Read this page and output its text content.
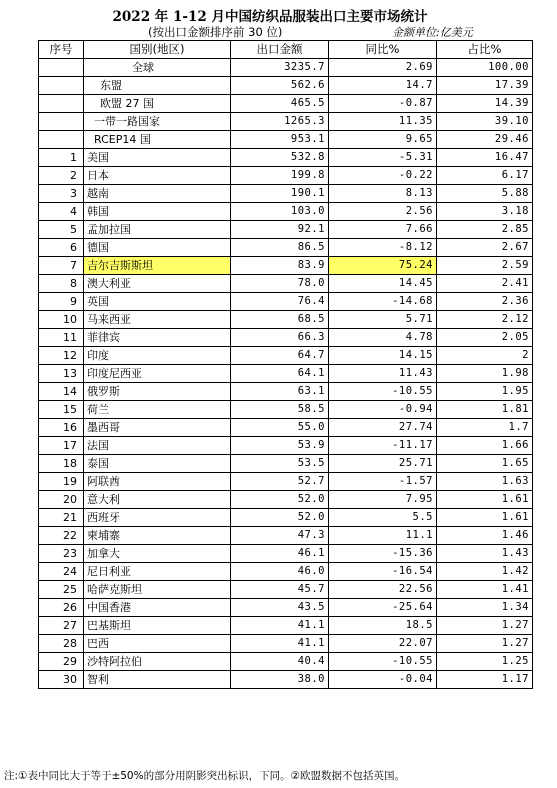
2022 年 1-12 月中国纺织品服装出口主要市场统计
(按出口金额排序前 30 位)	金额单位:亿美元
序号	国别(地区)	出口金额	同比%	占比%
	全球	3235.7	2.69	100.00
	东盟	562.6	14.7	17.39
	欧盟 27 国	465.5	-0.87	14.39
	一带一路国家	1265.3	11.35	39.10
	RCEP14 国	953.1	9.65	29.46
1	美国	532.8	-5.31	16.47
2	日本	199.8	-0.22	6.17
3	越南	190.1	8.13	5.88
4	韩国	103.0	2.56	3.18
5	孟加拉国	92.1	7.66	2.85
6	德国	86.5	-8.12	2.67
7	吉尔吉斯斯坦	83.9	75.24	2.59
8	澳大利亚	78.0	14.45	2.41
9	英国	76.4	-14.68	2.36
10	马来西亚	68.5	5.71	2.12
11	菲律宾	66.3	4.78	2.05
12	印度	64.7	14.15	2
13	印度尼西亚	64.1	11.43	1.98
14	俄罗斯	63.1	-10.55	1.95
15	荷兰	58.5	-0.94	1.81
16	墨西哥	55.0	27.74	1.7
17	法国	53.9	-11.17	1.66
18	泰国	53.5	25.71	1.65
19	阿联酋	52.7	-1.57	1.63
20	意大利	52.0	7.95	1.61
21	西班牙	52.0	5.5	1.61
22	柬埔寨	47.3	11.1	1.46
23	加拿大	46.1	-15.36	1.43
24	尼日利亚	46.0	-16.54	1.42
25	哈萨克斯坦	45.7	22.56	1.41
26	中国香港	43.5	-25.64	1.34
27	巴基斯坦	41.1	18.5	1.27
28	巴西	41.1	22.07	1.27
29	沙特阿拉伯	40.4	-10.55	1.25
30	智利	38.0	-0.04	1.17
注:①表中同比大于等于±50%的部分用阴影突出标识，下同。②欧盟数据不包括英国。
